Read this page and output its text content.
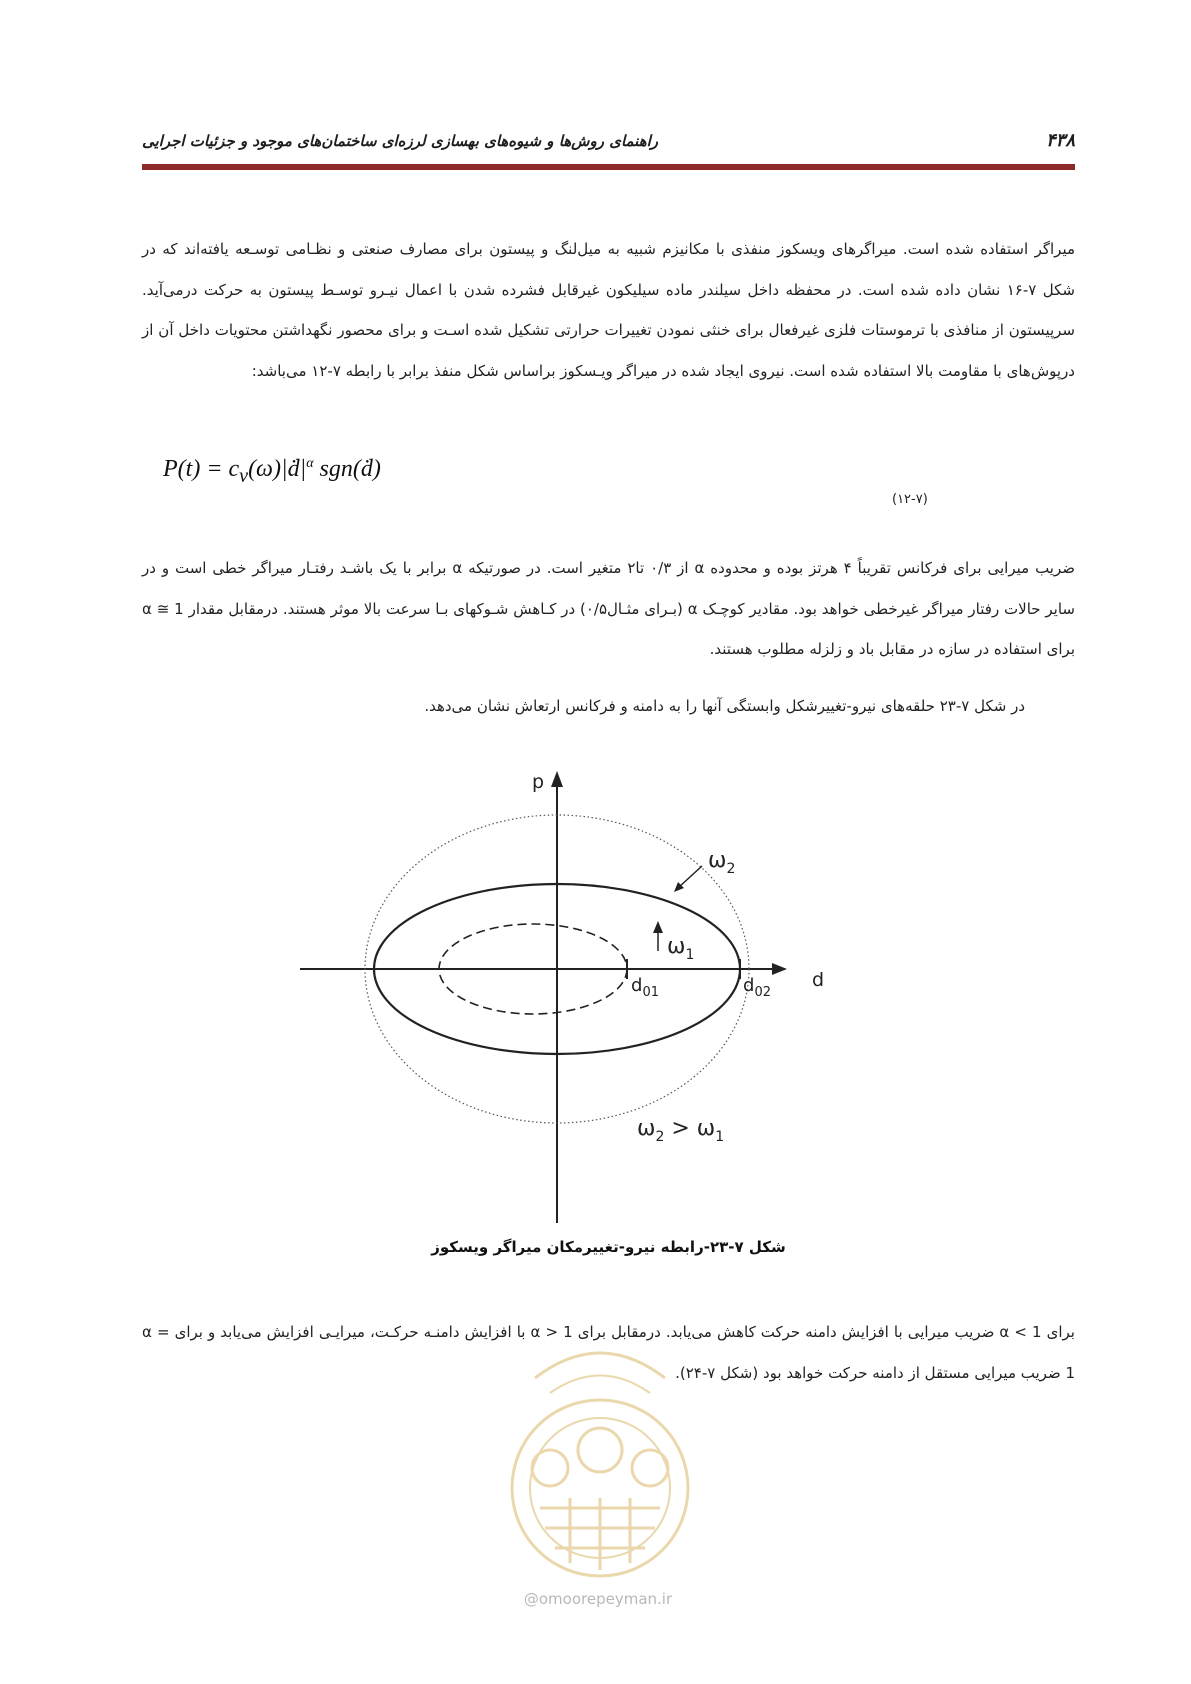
راهنمای روش‌ها و شیوه‌های بهسازی لرزه‌ای ساختمان‌های موجود و جزئیات اجرایی	۴۳۸
میراگر استفاده شده است. میراگرهای ویسکوز منفذی با مکانیزم شبیه به میل‌لنگ و پیستون برای مصارف صنعتی و نظـامی توسـعه یافته‌اند که در شکل ۷-۱۶ نشان داده شده است. در محفظه داخل سیلندر ماده سیلیکون غیرقابل فشرده شدن با اعمال نیـرو توسـط پیستون به حرکت درمی‌آید. سرپیستون از منافذی با ترموستات فلزی غیرفعال برای خنثی نمودن تغییرات حرارتی تشکیل شده اسـت و برای محصور نگهداشتن محتویات داخل آن از درپوش‌های با مقاومت بالا استفاده شده است. نیروی ایجاد شده در میراگر ویـسکوز براساس شکل منفذ برابر با رابطه ۷-۱۲ می‌باشد:
$P(t) = c_v(\omega)|ḋ|^\alpha$ sgn(ḋ)
(۱۲-۷)
ضریب میرایی برای فرکانس تقریباً ۴ هرتز بوده و محدوده α از ۰/۳ تا۲ متغیر است. در صورتیکه α برابر با یک باشـد رفتـار میراگر خطی است و در سایر حالات رفتار میراگر غیرخطی خواهد بود. مقادیر کوچـک α (بـرای مثـال۰/۵) در کـاهش شـوکهای بـا سرعت بالا موثر هستند. درمقابل مقدار α ≅ 1 برای استفاده در سازه در مقابل باد و زلزله مطلوب هستند.
در شکل ۷-۲۳ حلقه‌های نیرو-تغییرشکل وابستگی آنها را به دامنه و فرکانس ارتعاش نشان می‌دهد.
p
d
$\omega_2$
$\omega_1$
$d_{01}$	$d_{02}$
$\omega_2 > \omega_1$
شکل ۷-۲۳-رابطه نیرو-تغییرمکان میراگر ویسکوز
برای α < 1 ضریب میرایی با افزایش دامنه حرکت کاهش می‌یابد. درمقابل برای α > 1 با افزایش دامنـه حرکـت، میرایـی افزایش می‌یابد و برای α = 1 ضریب میرایی مستقل از دامنه حرکت خواهد بود (شکل ۷-۲۴).
@omoorepeyman.ir
